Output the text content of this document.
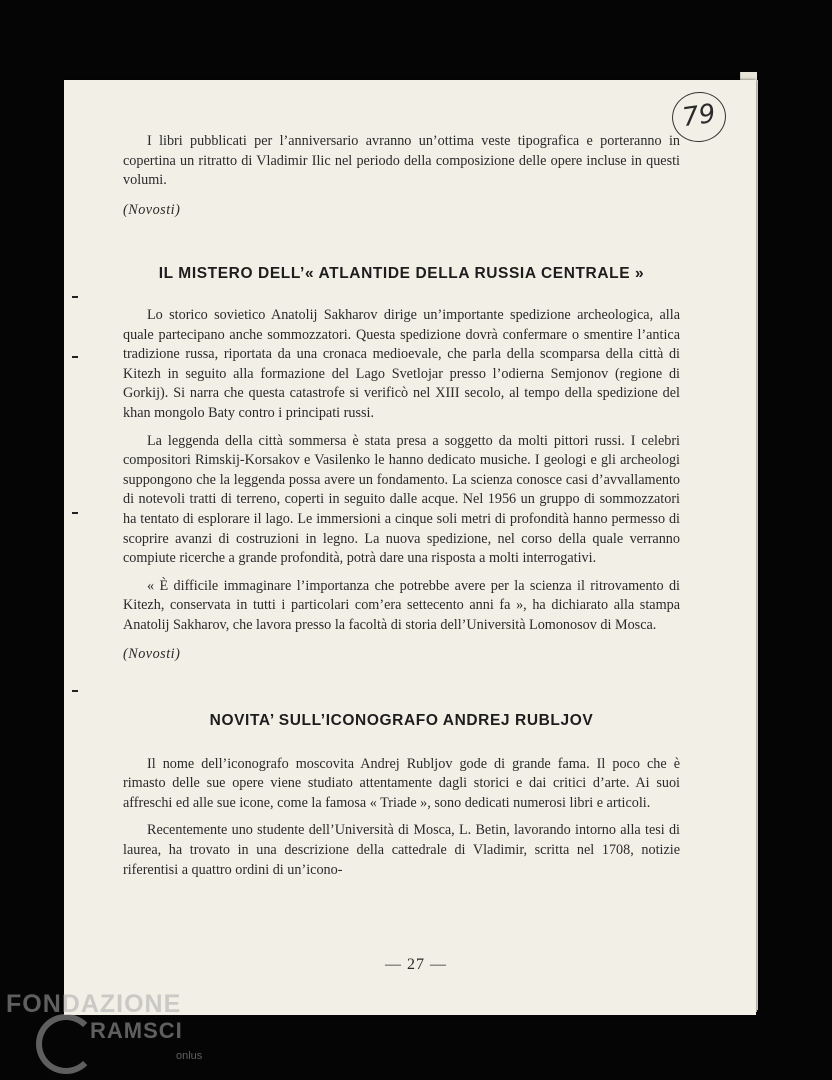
79

I libri pubblicati per l’anniversario avranno un’ottima veste tipografica e porteranno in copertina un ritratto di Vladimir Ilic nel periodo della composizione delle opere incluse in questi volumi.

(Novosti)

IL MISTERO DELL’« ATLANTIDE DELLA RUSSIA CENTRALE »

Lo storico sovietico Anatolij Sakharov dirige un’importante spedizione archeologica, alla quale partecipano anche sommozzatori. Questa spedizione dovrà confermare o smentire l’antica tradizione russa, riportata da una cronaca medioevale, che parla della scomparsa della città di Kitezh in seguito alla formazione del Lago Svetlojar presso l’odierna Semjonov (regione di Gorkij). Si narra che questa catastrofe si verificò nel XIII secolo, al tempo della spedizione del khan mongolo Baty contro i principati russi.

La leggenda della città sommersa è stata presa a soggetto da molti pittori russi. I celebri compositori Rimskij-Korsakov e Vasilenko le hanno dedicato musiche. I geologi e gli archeologi suppongono che la leggenda possa avere un fondamento. La scienza conosce casi d’avvallamento di notevoli tratti di terreno, coperti in seguito dalle acque. Nel 1956 un gruppo di sommozzatori ha tentato di esplorare il lago. Le immersioni a cinque soli metri di profondità hanno permesso di scoprire avanzi di costruzioni in legno. La nuova spedizione, nel corso della quale verranno compiute ricerche a grande profondità, potrà dare una risposta a molti interrogativi.

« È difficile immaginare l’importanza che potrebbe avere per la scienza il ritrovamento di Kitezh, conservata in tutti i particolari com’era settecento anni fa », ha dichiarato alla stampa Anatolij Sakharov, che lavora presso la facoltà di storia dell’Università Lomonosov di Mosca.

(Novosti)

NOVITA’ SULL’ICONOGRAFO ANDREJ RUBLJOV

Il nome dell’iconografo moscovita Andrej Rubljov gode di grande fama. Il poco che è rimasto delle sue opere viene studiato attentamente dagli storici e dai critici d’arte. Ai suoi affreschi ed alle sue icone, come la famosa « Triade », sono dedicati numerosi libri e articoli.

Recentemente uno studente dell’Università di Mosca, L. Betin, lavorando intorno alla tesi di laurea, ha trovato in una descrizione della cattedrale di Vladimir, scritta nel 1708, notizie riferentisi a quattro ordini di un’icono-

— 27 —
FONDAZIONE
RAMSCI
onlus
